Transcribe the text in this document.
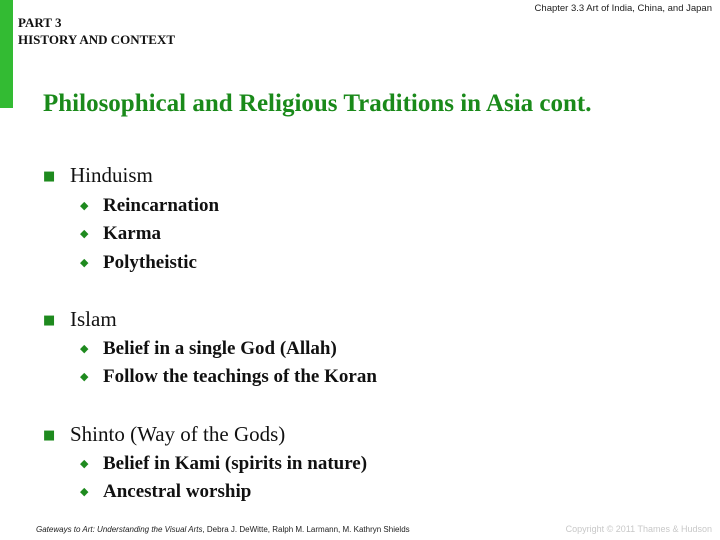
PART 3
HISTORY AND CONTEXT
Chapter 3.3 Art of India, China, and Japan
Philosophical and Religious Traditions in Asia cont.
■ Hinduism
◆ Reincarnation
◆ Karma
◆ Polytheistic
■ Islam
◆ Belief in a single God (Allah)
◆ Follow the teachings of the Koran
■ Shinto (Way of the Gods)
◆ Belief in Kami (spirits in nature)
◆ Ancestral worship
Gateways to Art: Understanding the Visual Arts, Debra J. DeWitte, Ralph M. Larmann, M. Kathryn Shields	Copyright © 2011 Thames & Hudson
